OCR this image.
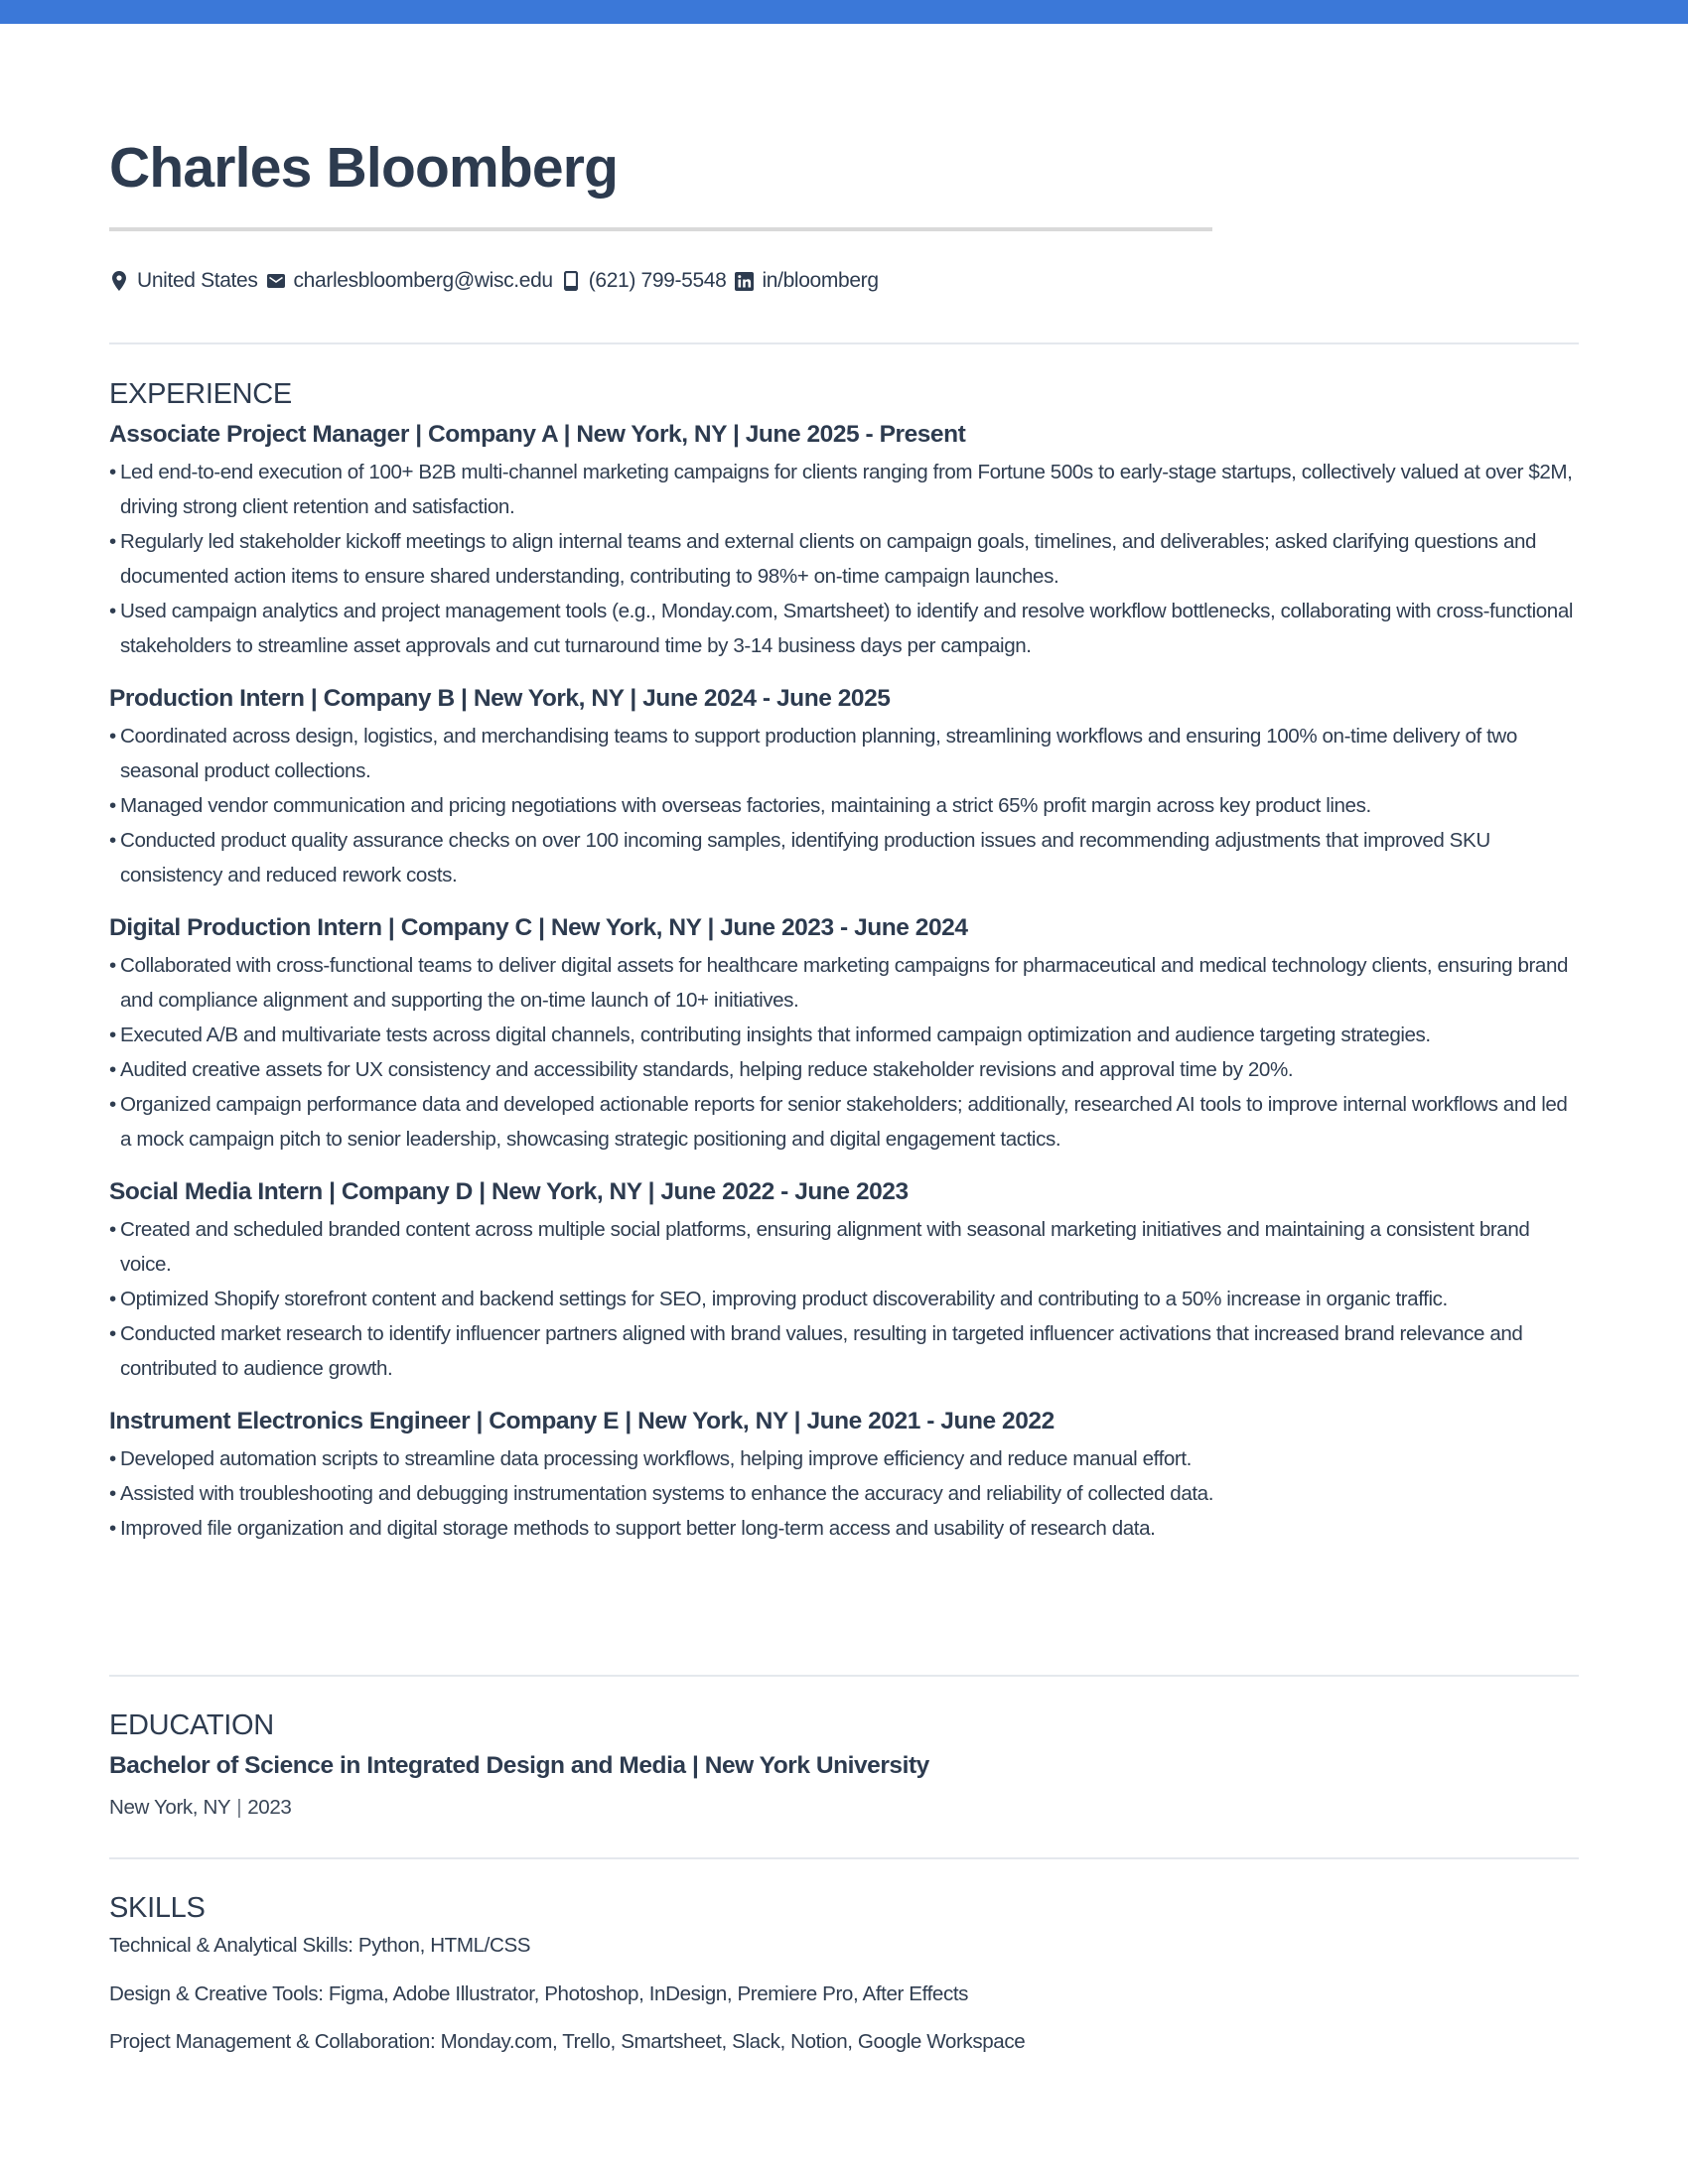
Charles Bloomberg
United States charlesbloomberg@wisc.edu (621) 799-5548 in/bloomberg
EXPERIENCE
Associate Project Manager | Company A | New York, NY | June 2025 - Present
• Led end-to-end execution of 100+ B2B multi-channel marketing campaigns for clients ranging from Fortune 500s to early-stage startups, collectively valued at over $2M, driving strong client retention and satisfaction.
• Regularly led stakeholder kickoff meetings to align internal teams and external clients on campaign goals, timelines, and deliverables; asked clarifying questions and documented action items to ensure shared understanding, contributing to 98%+ on-time campaign launches.
• Used campaign analytics and project management tools (e.g., Monday.com, Smartsheet) to identify and resolve workflow bottlenecks, collaborating with cross-functional stakeholders to streamline asset approvals and cut turnaround time by 3-14 business days per campaign.
Production Intern | Company B | New York, NY | June 2024 - June 2025
• Coordinated across design, logistics, and merchandising teams to support production planning, streamlining workflows and ensuring 100% on-time delivery of two seasonal product collections.
• Managed vendor communication and pricing negotiations with overseas factories, maintaining a strict 65% profit margin across key product lines.
• Conducted product quality assurance checks on over 100 incoming samples, identifying production issues and recommending adjustments that improved SKU consistency and reduced rework costs.
Digital Production Intern | Company C | New York, NY | June 2023 - June 2024
• Collaborated with cross-functional teams to deliver digital assets for healthcare marketing campaigns for pharmaceutical and medical technology clients, ensuring brand and compliance alignment and supporting the on-time launch of 10+ initiatives.
• Executed A/B and multivariate tests across digital channels, contributing insights that informed campaign optimization and audience targeting strategies.
• Audited creative assets for UX consistency and accessibility standards, helping reduce stakeholder revisions and approval time by 20%.
• Organized campaign performance data and developed actionable reports for senior stakeholders; additionally, researched AI tools to improve internal workflows and led a mock campaign pitch to senior leadership, showcasing strategic positioning and digital engagement tactics.
Social Media Intern | Company D | New York, NY | June 2022 - June 2023
• Created and scheduled branded content across multiple social platforms, ensuring alignment with seasonal marketing initiatives and maintaining a consistent brand voice.
• Optimized Shopify storefront content and backend settings for SEO, improving product discoverability and contributing to a 50% increase in organic traffic.
• Conducted market research to identify influencer partners aligned with brand values, resulting in targeted influencer activations that increased brand relevance and contributed to audience growth.
Instrument Electronics Engineer | Company E | New York, NY | June 2021 - June 2022
• Developed automation scripts to streamline data processing workflows, helping improve efficiency and reduce manual effort.
• Assisted with troubleshooting and debugging instrumentation systems to enhance the accuracy and reliability of collected data.
• Improved file organization and digital storage methods to support better long-term access and usability of research data.
EDUCATION
Bachelor of Science in Integrated Design and Media | New York University
New York, NY | 2023
SKILLS
Technical & Analytical Skills: Python, HTML/CSS
Design & Creative Tools: Figma, Adobe Illustrator, Photoshop, InDesign, Premiere Pro, After Effects
Project Management & Collaboration: Monday.com, Trello, Smartsheet, Slack, Notion, Google Workspace
